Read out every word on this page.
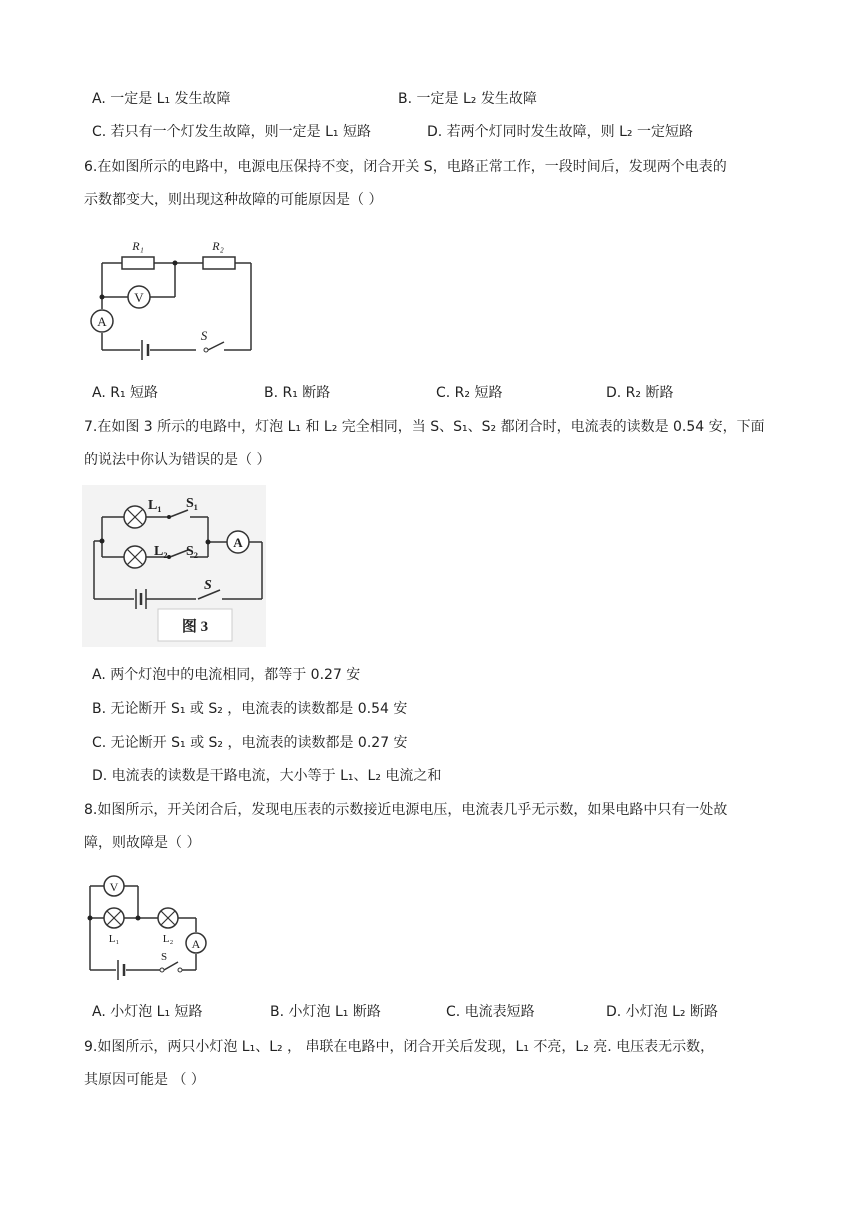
A. 一定是 L₁ 发生故障	B. 一定是 L₂ 发生故障
C. 若只有一个灯发生故障，则一定是 L₁ 短路	D. 若两个灯同时发生故障，则 L₂ 一定短路
6.在如图所示的电路中，电源电压保持不变，闭合开关 S，电路正常工作，一段时间后，发现两个电表的
示数都变大，则出现这种故障的可能原因是（ ）
V
A
R₁	R₂
S
A. R₁ 短路	B. R₁ 断路	C. R₂ 短路	D. R₂ 断路
7.在如图 3 所示的电路中，灯泡 L₁ 和 L₂ 完全相同，当 S、S₁、S₂ 都闭合时，电流表的读数是 0.54 安，下面
的说法中你认为错误的是（ ）
A
L₁ S₁
L₂ S₂
S
图 3
A. 两个灯泡中的电流相同，都等于 0.27 安
B. 无论断开 S₁ 或 S₂ ，电流表的读数都是 0.54 安
C. 无论断开 S₁ 或 S₂ ，电流表的读数都是 0.27 安
D. 电流表的读数是干路电流，大小等于 L₁、L₂ 电流之和
8.如图所示，开关闭合后，发现电压表的示数接近电源电压，电流表几乎无示数，如果电路中只有一处故
障，则故障是（ ）
V
A
L₁	L₂
S
A. 小灯泡 L₁ 短路	B. 小灯泡 L₁ 断路	C. 电流表短路	D. 小灯泡 L₂ 断路
9.如图所示，两只小灯泡 L₁、L₂ ， 串联在电路中，闭合开关后发现，L₁ 不亮，L₂ 亮. 电压表无示数，
其原因可能是 （ ）
